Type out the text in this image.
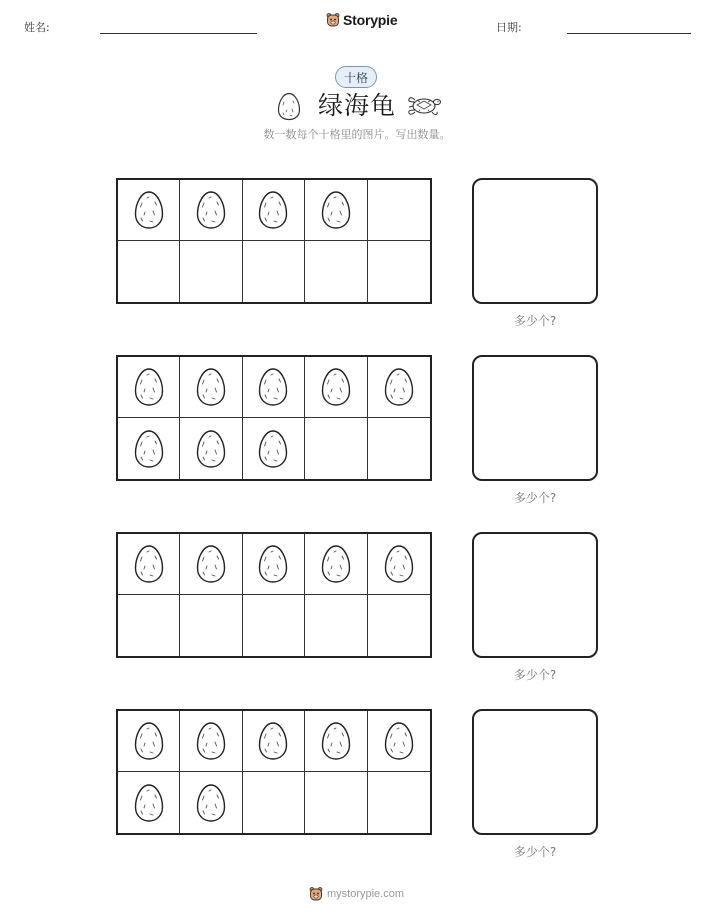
姓名:	Storypie	日期:
十格
绿海龟
数一数每个十格里的图片。写出数量。
多少个?
多少个?
多少个?
多少个?
mystorypie.com
